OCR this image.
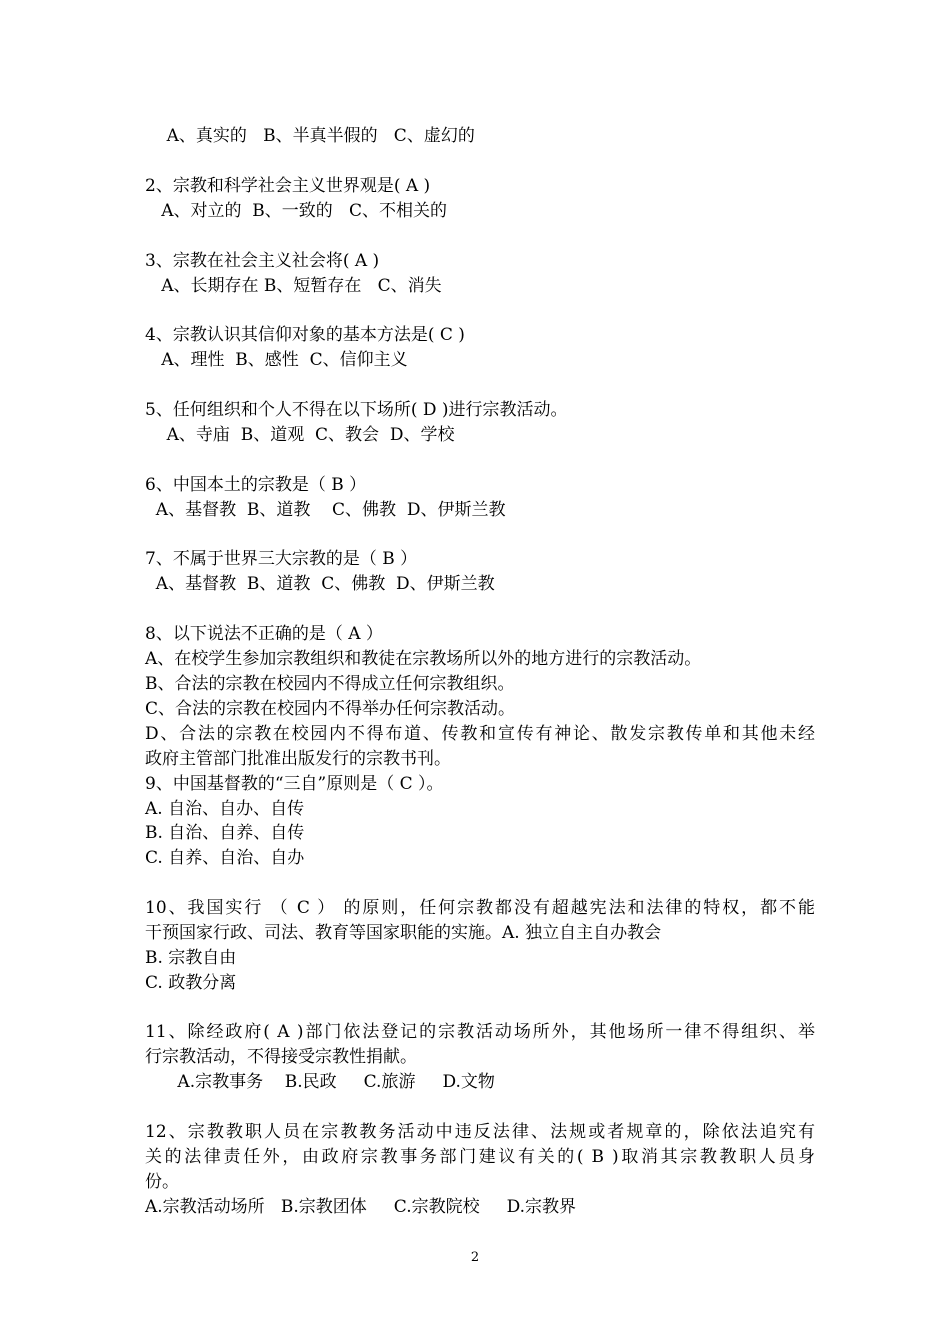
A、真实的   B、半真半假的   C、虚幻的
2、宗教和科学社会主义世界观是( A )
A、对立的  B、一致的   C、不相关的
3、宗教在社会主义社会将( A )
A、长期存在 B、短暂存在   C、消失
4、宗教认识其信仰对象的基本方法是( C )
A、理性  B、感性  C、信仰主义
5、任何组织和个人不得在以下场所( D )进行宗教活动。
A、寺庙  B、道观  C、教会  D、学校
6、中国本土的宗教是（ B ）
A、基督教  B、道教    C、佛教  D、伊斯兰教
7、不属于世界三大宗教的是（ B ）
A、基督教  B、道教  C、佛教  D、伊斯兰教
8、以下说法不正确的是（ A ）
A、在校学生参加宗教组织和教徒在宗教场所以外的地方进行的宗教活动。
B、合法的宗教在校园内不得成立任何宗教组织。
C、合法的宗教在校园内不得举办任何宗教活动。
D、合法的宗教在校园内不得布道、传教和宣传有神论、散发宗教传单和其他未经
政府主管部门批准出版发行的宗教书刊。
9、中国基督教的“三自”原则是（ C ）。
A. 自治、自办、自传
B. 自治、自养、自传
C. 自养、自治、自办
10、我国实行 （ C ） 的原则，任何宗教都没有超越宪法和法律的特权，都不能
干预国家行政、司法、教育等国家职能的实施。A. 独立自主自办教会
B. 宗教自由
C. 政教分离
11、除经政府( A )部门依法登记的宗教活动场所外，其他场所一律不得组织、举
行宗教活动，不得接受宗教性捐献。
A.宗教事务    B.民政     C.旅游     D.文物
12、宗教教职人员在宗教教务活动中违反法律、法规或者规章的，除依法追究有
关的法律责任外，由政府宗教事务部门建议有关的( B )取消其宗教教职人员身
份。
A.宗教活动场所   B.宗教团体     C.宗教院校     D.宗教界
2
